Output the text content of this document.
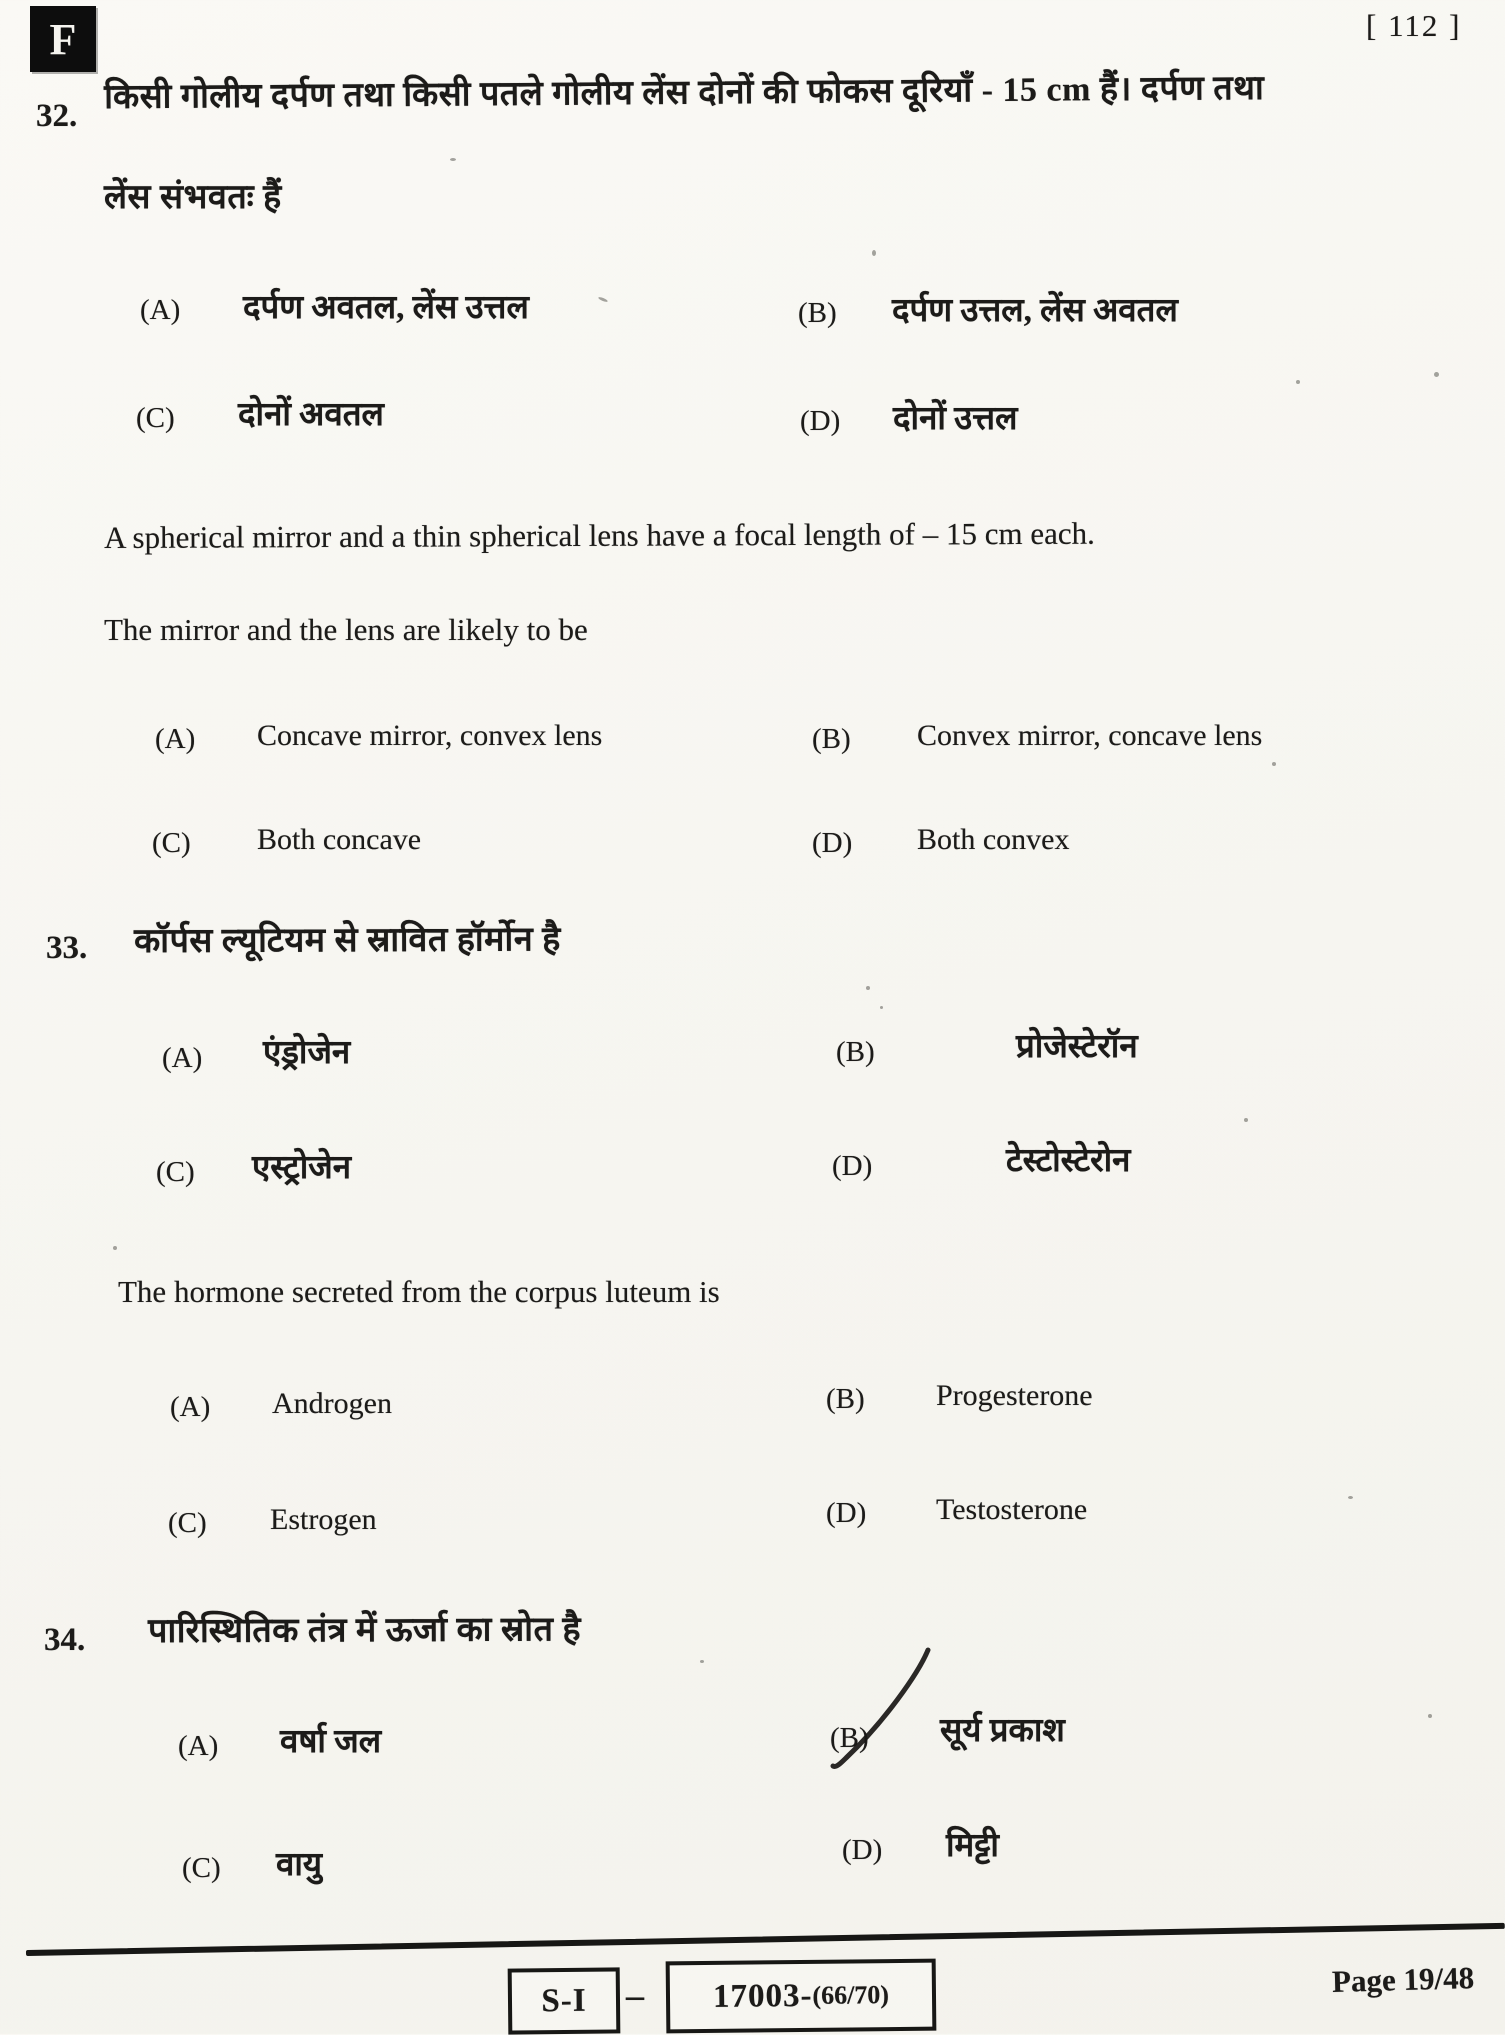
F	[ 112 ]
32.
किसी गोलीय दर्पण तथा किसी पतले गोलीय लेंस दोनों की फोकस दूरियाँ - 15 cm हैं। दर्पण तथा
लेंस संभवतः हैं
(A) दर्पण अवतल, लेंस उत्तल	(B) दर्पण उत्तल, लेंस अवतल
(C) दोनों अवतल	(D) दोनों उत्तल
A spherical mirror and a thin spherical lens have a focal length of – 15 cm each.
The mirror and the lens are likely to be
(A) Concave mirror, convex lens	(B) Convex mirror, concave lens
(C) Both concave	(D) Both convex
33. कॉर्पस ल्यूटियम से स्रावित हॉर्मोन है
(A) एंड्रोजेन	(B)	प्रोजेस्टेरॉन
(C) एस्ट्रोजेन	(D)	टेस्टोस्टेरोन
The hormone secreted from the corpus luteum is
(A) Androgen	(B) Progesterone
(C) Estrogen	(D) Testosterone
34. पारिस्थितिक तंत्र में ऊर्जा का स्रोत है
(A) वर्षा जल	(B) सूर्य प्रकाश
(C) वायु	(D) मिट्टी
S-I – 17003- (66/70)	Page 19/48
